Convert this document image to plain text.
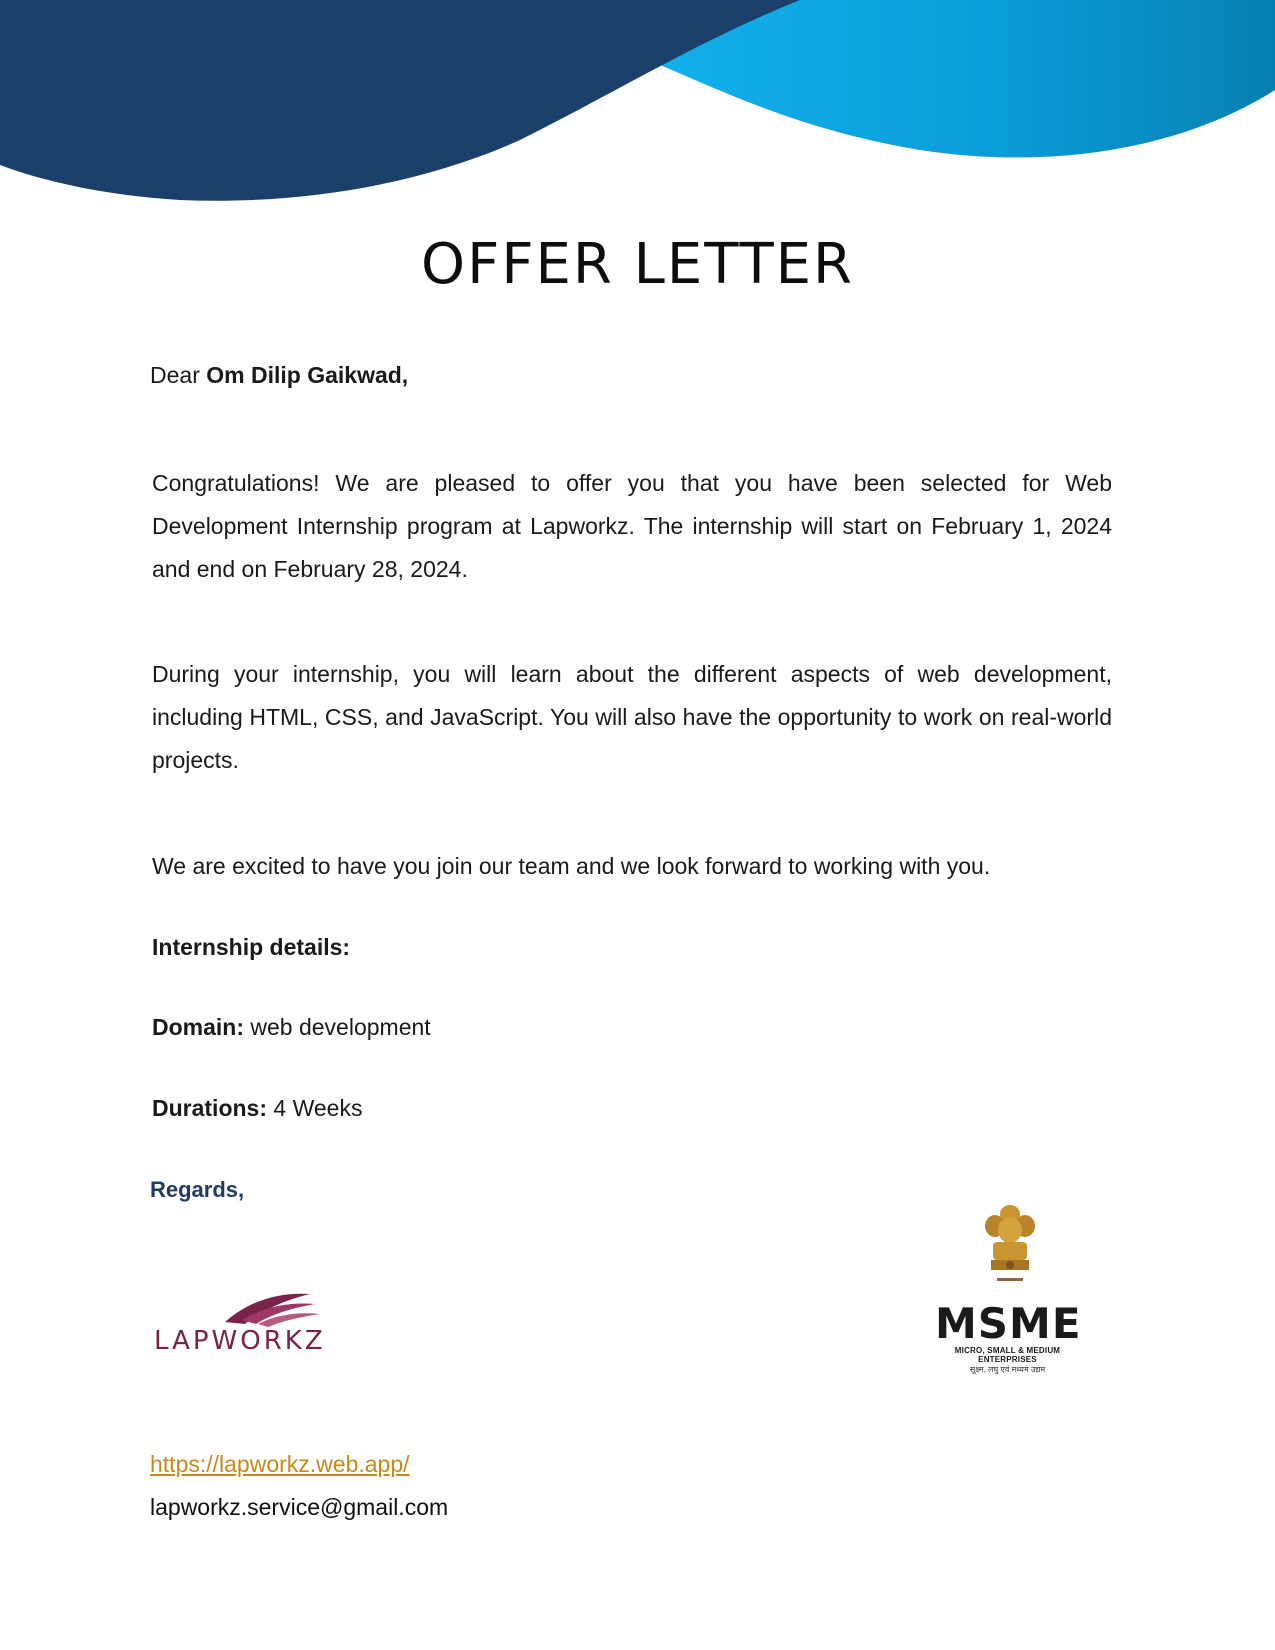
OFFER LETTER
Dear Om Dilip Gaikwad,

Congratulations! We are pleased to offer you that you have been selected for Web Development Internship program at Lapworkz. The internship will start on February 1, 2024 and end on February 28, 2024.

During your internship, you will learn about the different aspects of web development, including HTML, CSS, and JavaScript. You will also have the opportunity to work on real-world projects.

We are excited to have you join our team and we look forward to working with you.

Internship details:
Domain: web development
Durations: 4 Weeks
Regards,
LAPWORKZ	MSME
MICRO, SMALL & MEDIUM ENTERPRISES
सूक्ष्म, लघु एवं मध्यम उद्यम
https://lapworkz.web.app/
lapworkz.service@gmail.com
